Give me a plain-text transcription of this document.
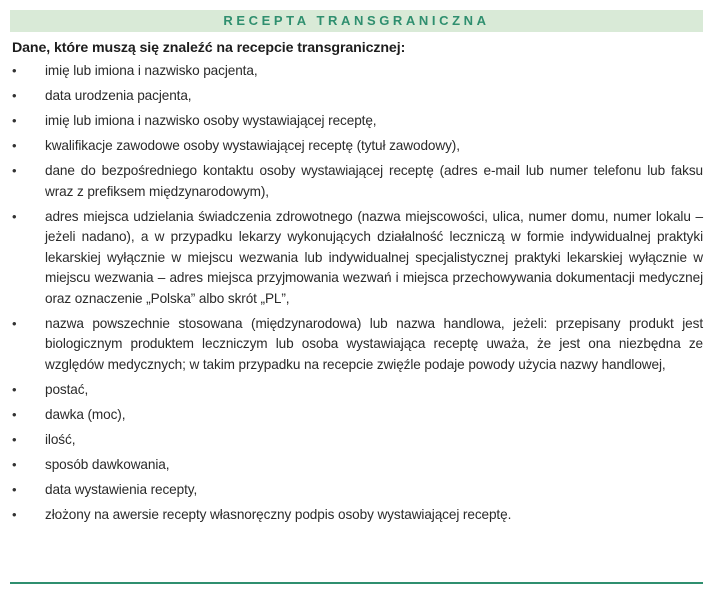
RECEPTA TRANSGRANICZNA
Dane, które muszą się znaleźć na recepcie transgranicznej:
• imię lub imiona i nazwisko pacjenta,
• data urodzenia pacjenta,
• imię lub imiona i nazwisko osoby wystawiającej receptę,
• kwalifikacje zawodowe osoby wystawiającej receptę (tytuł zawodowy),
• dane do bezpośredniego kontaktu osoby wystawiającej receptę (adres e-mail lub numer telefonu lub faksu wraz z prefiksem międzynarodowym),
• adres miejsca udzielania świadczenia zdrowotnego (nazwa miejscowości, ulica, numer domu, numer lokalu – jeżeli nadano), a w przypadku lekarzy wykonujących działalność leczniczą w formie indywidualnej praktyki lekarskiej wyłącznie w miejscu wezwania lub indywidualnej specjalistycznej praktyki lekarskiej wyłącznie w miejscu wezwania – adres miejsca przyjmowania wezwań i miejsca przechowywania dokumentacji medycznej oraz oznaczenie „Polska” albo skrót „PL”,
• nazwa powszechnie stosowana (międzynarodowa) lub nazwa handlowa, jeżeli: przepisany produkt jest biologicznym produktem leczniczym lub osoba wystawiająca receptę uważa, że jest ona niezbędna ze względów medycznych; w takim przypadku na recepcie zwięźle podaje powody użycia nazwy handlowej,
• postać,
• dawka (moc),
• ilość,
• sposób dawkowania,
• data wystawienia recepty,
• złożony na awersie recepty własnoręczny podpis osoby wystawiającej receptę.
